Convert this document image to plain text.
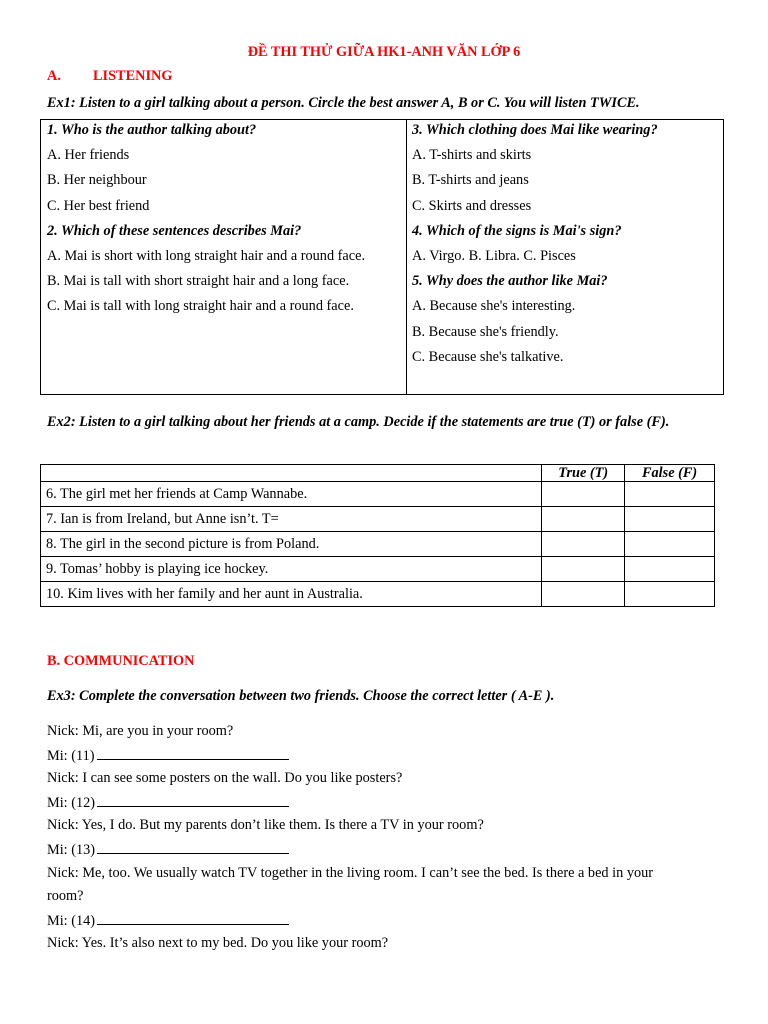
ĐỀ THI THỬ GIỮA HK1-ANH VĂN LỚP 6
A. LISTENING
Ex1: Listen to a girl talking about a person. Circle the best answer A, B or C. You will listen TWICE.
1. Who is the author talking about?
A. Her friends
B. Her neighbour
C. Her best friend
2. Which of these sentences describes Mai?
A. Mai is short with long straight hair and a round face.
B. Mai is tall with short straight hair and a long face.
C. Mai is tall with long straight hair and a round face.
3. Which clothing does Mai like wearing?
A. T-shirts and skirts
B. T-shirts and jeans
C. Skirts and dresses
4. Which of the signs is Mai's sign?
A. Virgo. B. Libra. C. Pisces
5. Why does the author like Mai?
A. Because she's interesting.
B. Because she's friendly.
C. Because she's talkative.
Ex2: Listen to a girl talking about her friends at a camp. Decide if the statements are true (T) or false (F).
	True (T)	False (F)
6. The girl met her friends at Camp Wannabe.		
7. Ian is from Ireland, but Anne isn’t. T=		
8. The girl in the second picture is from Poland.		
9. Tomas’ hobby is playing ice hockey.		
10. Kim lives with her family and her aunt in Australia.		
B. COMMUNICATION
Ex3: Complete the conversation between two friends. Choose the correct letter ( A-E ).
Nick: Mi, are you in your room?
Mi: (11)
Nick: I can see some posters on the wall. Do you like posters?
Mi: (12)
Nick: Yes, I do. But my parents don’t like them. Is there a TV in your room?
Mi: (13)
Nick: Me, too. We usually watch TV together in the living room. I can’t see the bed. Is there a bed in your
room?
Mi: (14)
Nick: Yes. It’s also next to my bed. Do you like your room?
